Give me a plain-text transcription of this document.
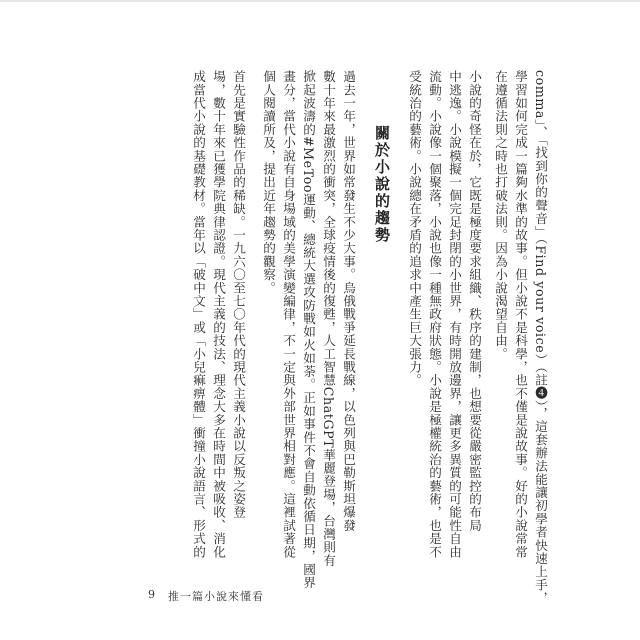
comma」、「找到你的聲音」（Find your voice）（註❹），這套辦法能讓初學者快速上手，
學習如何完成一篇夠水準的故事。但小說不是科學，也不僅是說故事。好的小說常常
在遵循法則之時也打破法則。因為小說渴望自由。
小說的奇怪在於，它既是極度要求組織、秩序的建制，也想要從嚴密監控的布局
中逃逸。小說模擬一個完足封閉的小世界，有時開放邊界，讓更多異質的可能性自由
流動。小說像一個聚落，小說也像一種無政府狀態。小說是極權統治的藝術，也是不
受統治的藝術。小說總在矛盾的追求中產生巨大張力。
關於小說的趨勢
過去一年，世界如常發生不少大事。烏俄戰爭延長戰線，以色列與巴勒斯坦爆發
數十年來最激烈的衝突，全球疫情後的復甦，人工智慧ChatGPT華麗登場，台灣則有
掀起波濤的#MeToo運動、總統大選攻防戰如火如荼。正如事件不會自動依循日期，國界
畫分，當代小說有自身場域的美學演變編律，不一定與外部世界相對應。這裡試著從
個人閱讀所及，提出近年趨勢的觀察。
首先是實驗性作品的稀缺。一九六〇至七〇年代的現代主義小說以反叛之姿登
場，數十年來已獲學院典律認證。現代主義的技法、理念大多在時間中被吸收、消化
成當代小說的基礎教材。當年以「破中文」或「小兒痲痹體」衝撞小說語言、形式的
9 推一篇小說來懂看
